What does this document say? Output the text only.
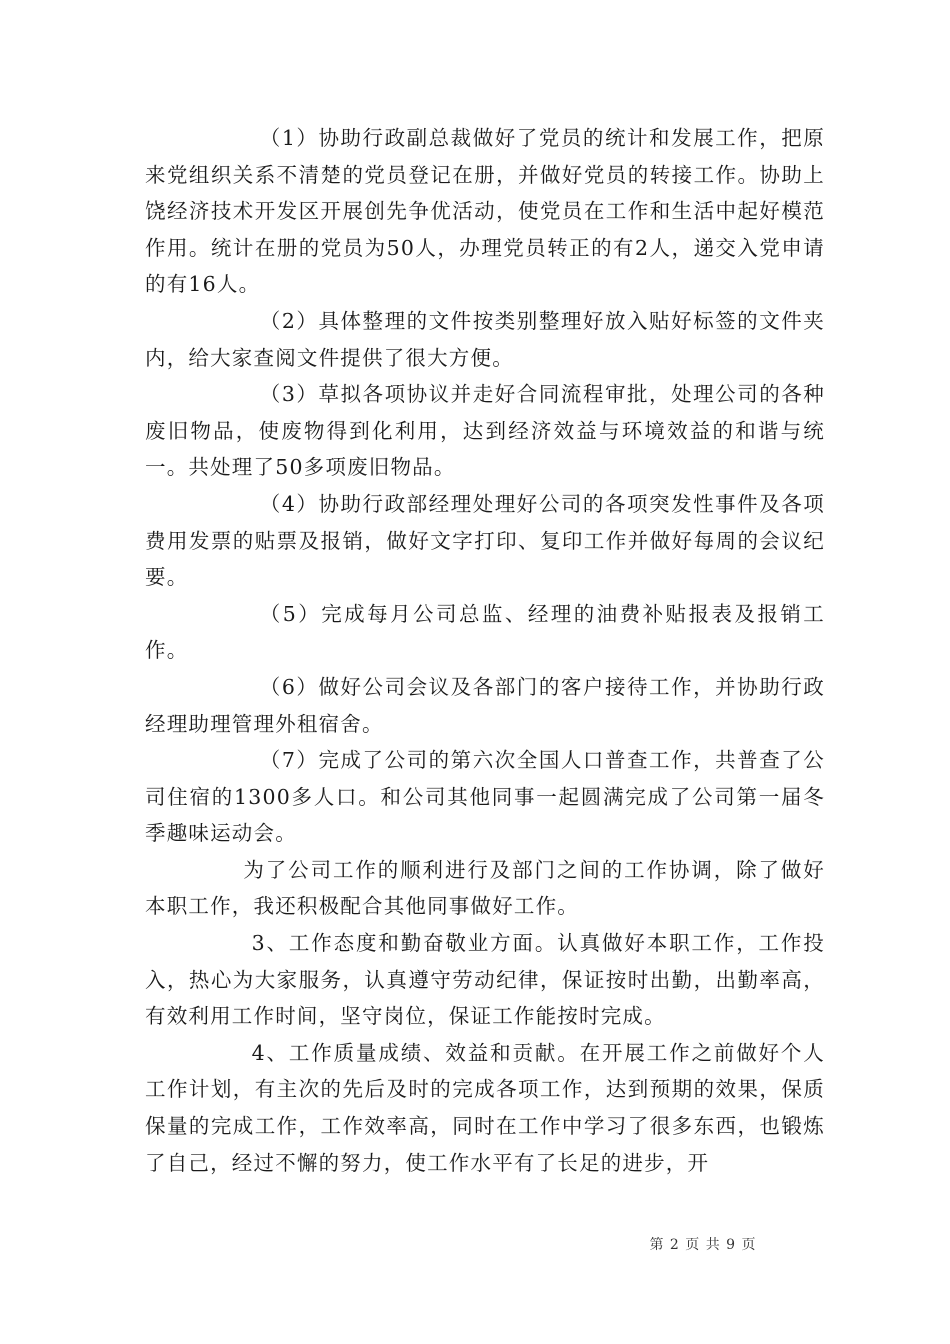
（1）协助行政副总裁做好了党员的统计和发展工作，把原来党组织关系不清楚的党员登记在册，并做好党员的转接工作。协助上饶经济技术开发区开展创先争优活动，使党员在工作和生活中起好模范作用。统计在册的党员为50人，办理党员转正的有2人，递交入党申请的有16人。

（2）具体整理的文件按类别整理好放入贴好标签的文件夹内，给大家查阅文件提供了很大方便。

（3）草拟各项协议并走好合同流程审批，处理公司的各种废旧物品，使废物得到化利用，达到经济效益与环境效益的和谐与统一。共处理了50多项废旧物品。

（4）协助行政部经理处理好公司的各项突发性事件及各项费用发票的贴票及报销，做好文字打印、复印工作并做好每周的会议纪要。

（5）完成每月公司总监、经理的油费补贴报表及报销工作。

（6）做好公司会议及各部门的客户接待工作，并协助行政经理助理管理外租宿舍。

（7）完成了公司的第六次全国人口普查工作，共普查了公司住宿的1300多人口。和公司其他同事一起圆满完成了公司第一届冬季趣味运动会。

为了公司工作的顺利进行及部门之间的工作协调，除了做好本职工作，我还积极配合其他同事做好工作。

3、工作态度和勤奋敬业方面。认真做好本职工作，工作投入，热心为大家服务，认真遵守劳动纪律，保证按时出勤，出勤率高，有效利用工作时间，坚守岗位，保证工作能按时完成。

4、工作质量成绩、效益和贡献。在开展工作之前做好个人工作计划，有主次的先后及时的完成各项工作，达到预期的效果，保质保量的完成工作，工作效率高，同时在工作中学习了很多东西，也锻炼了自己，经过不懈的努力，使工作水平有了长足的进步，开

第 2 页 共 9 页
